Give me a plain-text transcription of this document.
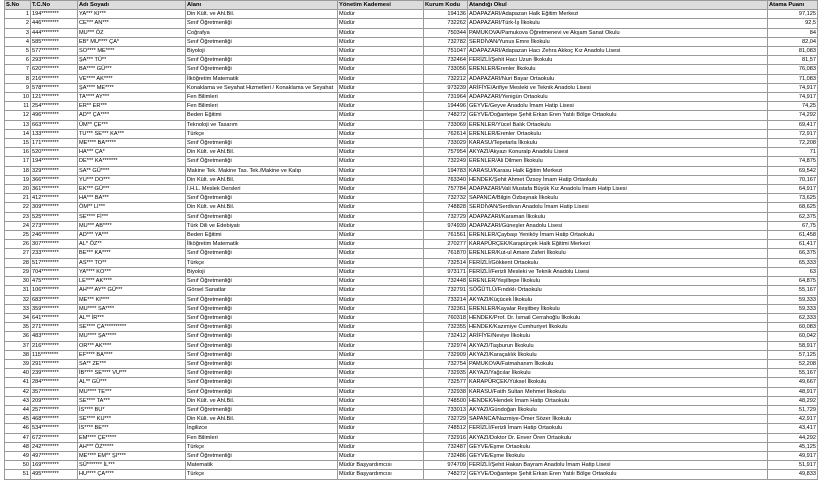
S.No	T.C.No	Adı Soyadı	Alanı	Yönetim Kademesi	Kurum Kodu	Atandığı Okul	Atama Puanı
1	194********	YA*** KI***	Din Kült. ve Ahl.Bil.	Müdür	194136	ADAPAZARI/Adapazarı Halk Eğitim Merkezi	97,125
2	446********	CE*** AN***	Sınıf Öğretmenliği	Müdür	732262	ADAPAZARI/Türk-İş İlkokulu	92,5
3	444********	MU*** ÖZ	Coğrafya	Müdür	750344	PAMUKOVA/Pamukova Öğretmenevi ve Akşam Sanat Okulu	84
4	585********	EB* MU**** ÇA*	Sınıf Öğretmenliği	Müdür	732782	SERDİVAN/Yunus Emre İlkokulu	82,04
5	577********	SO**** ME****	Biyoloji	Müdür	751047	ADAPAZARI/Adapazarı Hacı Zehra Akkoç Kız Anadolu Lisesi	81,083
6	293********	ŞA*** TÜ**	Sınıf Öğretmenliği	Müdür	732464	FERİZLİ/Şehit Hacı Uzun İlkokulu	81,57
7	620********	BA**** GÜ***	Sınıf Öğretmenliği	Müdür	733056	ERENLER/Erenler İlkokulu	76,083
8	216********	VE**** AK****	İlköğretim Matematik	Müdür	732212	ADAPAZARI/Nuri Bayar Ortaokulu	71,083
9	578********	ŞA**** ME****	Konaklama ve Seyahat Hizmetleri / Konaklama ve Seyahat	Müdür	973239	ARİFİYE/Arifiye Mesleki ve Teknik Anadolu Lisesi	74,917
10	121********	TA**** AY***	Fen Bilimleri	Müdür	731964	ADAPAZARI/Yenigün Ortaokulu	74,917
11	254********	ER** ER***	Fen Bilimleri	Müdür	194496	GEYVE/Geyve Anadolu İmam Hatip Lisesi	74,25
12	496********	AD** ÇA****	Beden Eğitimi	Müdür	748272	GEYVE/Doğantepe Şehit Erkan Eren Yatılı Bölge Ortaokulu	74,292
13	663********	ÜM** ÇE***	Teknoloji ve Tasarım	Müdür	733069	ERENLER/Yücel Balık Ortaokulu	69,417
14	133********	TU*** SE*** KA***	Türkçe	Müdür	762614	ERENLER/Erenler Ortaokulu	72,917
15	171********	ME**** BA*****	Sınıf Öğretmenliği	Müdür	733029	KARASU/Tepetarla İlkokulu	72,208
16	520********	HA*** ÇA*	Din Kült. ve Ahl.Bil.	Müdür	757954	AKYAZI/Akyazı Konuralp Anadolu Lisesi	71
17	194********	DE*** KA*******	Sınıf Öğretmenliği	Müdür	732249	ERENLER/Ali Dilmen İlkokulu	74,875
18	329********	SA** GÜ****	Makine Tek. Makine Tas. Tek./Makine ve Kalıp	Müdür	194783	KARASU/Karasu Halk Eğitim Merkezi	69,542
19	366********	YU*** DO***	Din Kült. ve Ahl.Bil.	Müdür	763340	HENDEK/Şehit Ahmet Özsoy İmam Hatip Ortaokulu	70,167
20	361********	EK*** GÜ***	İ.H.L. Meslek Dersleri	Müdür	757784	ADAPAZARI/Vali Mustafa Büyük Kız Anadolu İmam Hatip Lisesi	64,917
21	412********	HA*** BA***	Sınıf Öğretmenliği	Müdür	732732	SAPANCA/Bilgin Özbaynak İlkokulu	73,625
22	309********	ÖM** LI***	Din Kült. ve Ahl.Bil.	Müdür	748828	SERDİVAN/Serdivan Anadolu İmam Hatip Lisesi	68,625
23	525********	SE**** Fİ***	Sınıf Öğretmenliği	Müdür	732729	ADAPAZARI/Karaman İlkokulu	62,375
24	273********	MU*** AB****	Türk Dili ve Edebiyatı	Müdür	974939	ADAPAZARI/Güneşler Anadolu Lisesi	67,75
25	246********	AD*** YA***	Beden Eğitimi	Müdür	761561	ERENLER/Çaybaşı Yeniköy İmam Hatip Ortaokulu	61,458
26	307********	AL* ÖZ**	İlköğretim Matematik	Müdür	270277	KARAPÜRÇEK/Karapürçek Halk Eğitimi Merkezi	61,417
27	233********	BE*** KA****	Sınıf Öğretmenliği	Müdür	761870	ERENLER/Kut-ul Amare Zaferi İlkokulu	66,375
28	517********	AS*** TO**	Türkçe	Müdür	732514	FERİZLİ/Gökkent Ortaokulu	65,333
29	704********	YA**** KO***	Biyoloji	Müdür	973171	FERİZLİ/Ferizli Mesleki ve Teknik Anadolu Lisesi	63
30	475********	LE**** AK****	Sınıf Öğretmenliği	Müdür	732448	ERENLER/Yeşiltepe İlkokulu	64,875
31	106********	AH*** AY** GÜ***	Görsel Sanatlar	Müdür	732791	SÖĞÜTLÜ/Fındıklı Ortaokulu	55,167
32	683********	ME*** KI****	Sınıf Öğretmenliği	Müdür	733214	AKYAZI/Küçücek İlkokulu	59,333
33	359********	MU**** SA****	Sınıf Öğretmenliği	Müdür	732361	ERENLER/Kayalar Reşitbey İlkokulu	59,333
34	641********	AL** İR***	Sınıf Öğretmenliği	Müdür	760318	HENDEK/Prof. Dr. İsmail Cerrahoğlu İlkokulu	62,333
35	271********	SE**** ÇA**********	Sınıf Öğretmenliği	Müdür	732355	HENDEK/Kazımiye Cumhuriyet İlkokulu	60,083
36	483********	MU**** ŞA*****	Sınıf Öğretmenliği	Müdür	732412	ARİFİYE/Neviye İlkokulu	60,042
37	216********	OR*** AK****	Sınıf Öğretmenliği	Müdür	732974	AKYAZI/Taşburun İlkokulu	58,917
38	115********	EF**** BA****	Sınıf Öğretmenliği	Müdür	732909	AKYAZI/Karaçalılık İlkokulu	57,125
39	291********	SA** ZE***	Sınıf Öğretmenliği	Müdür	732754	PAMUKOVA/Fatmahanım İlkokulu	52,208
40	239********	İB**** SE**** VU***	Sınıf Öğretmenliği	Müdür	732935	AKYAZI/Yağcılar İlkokulu	55,167
41	284********	AL** GÜ***	Sınıf Öğretmenliği	Müdür	732577	KARAPÜRÇEK/Yüksel İlkokulu	49,667
42	357********	MU**** TE***	Sınıf Öğretmenliği	Müdür	732938	KARASU/Fatih Sultan Mehmet İlkokulu	48,917
43	209********	SE**** TA***	Din Kült. ve Ahl.Bil.	Müdür	748500	HENDEK/Hendek İmam Hatip Ortaokulu	48,292
44	257********	İS**** BU*	Sınıf Öğretmenliği	Müdür	733013	AKYAZI/Gündoğan İlkokulu	51,729
45	468********	SE**** KU***	Din Kült. ve Ahl.Bil.	Müdür	732729	SAPANCA/Nazmiye-Ömer Sözer İlkokulu	42,917
46	534********	İS**** BE***	İngilizce	Müdür	748512	FERİZLİ/Ferizli İmam Hatip Ortaokulu	43,417
47	672********	EM**** ÇE*****	Fen Bilimleri	Müdür	732916	AKYAZI/Doktor Dr. Enver Ören Ortaokulu	44,292
48	242********	AH*** ÖZ*****	Türkçe	Müdür	732487	GEYVE/Eşme Ortaokulu	45,125
49	497********	ME**** EM** ŞI****	Sınıf Öğretmenliği	Müdür	732486	GEYVE/Eşme İlkokulu	49,917
50	169********	SÜ******* İL***	Matematik	Müdür Başyardımcısı	974709	FERİZLİ/Şehit Hakan Bayram Anadolu İmam Hatip Lisesi	51,917
51	495********	HU**** ÇA****	Türkçe	Müdür Başyardımcısı	748272	GEYVE/Doğantepe Şehit Erkan Eren Yatılı Bölge Ortaokulu	49,833
